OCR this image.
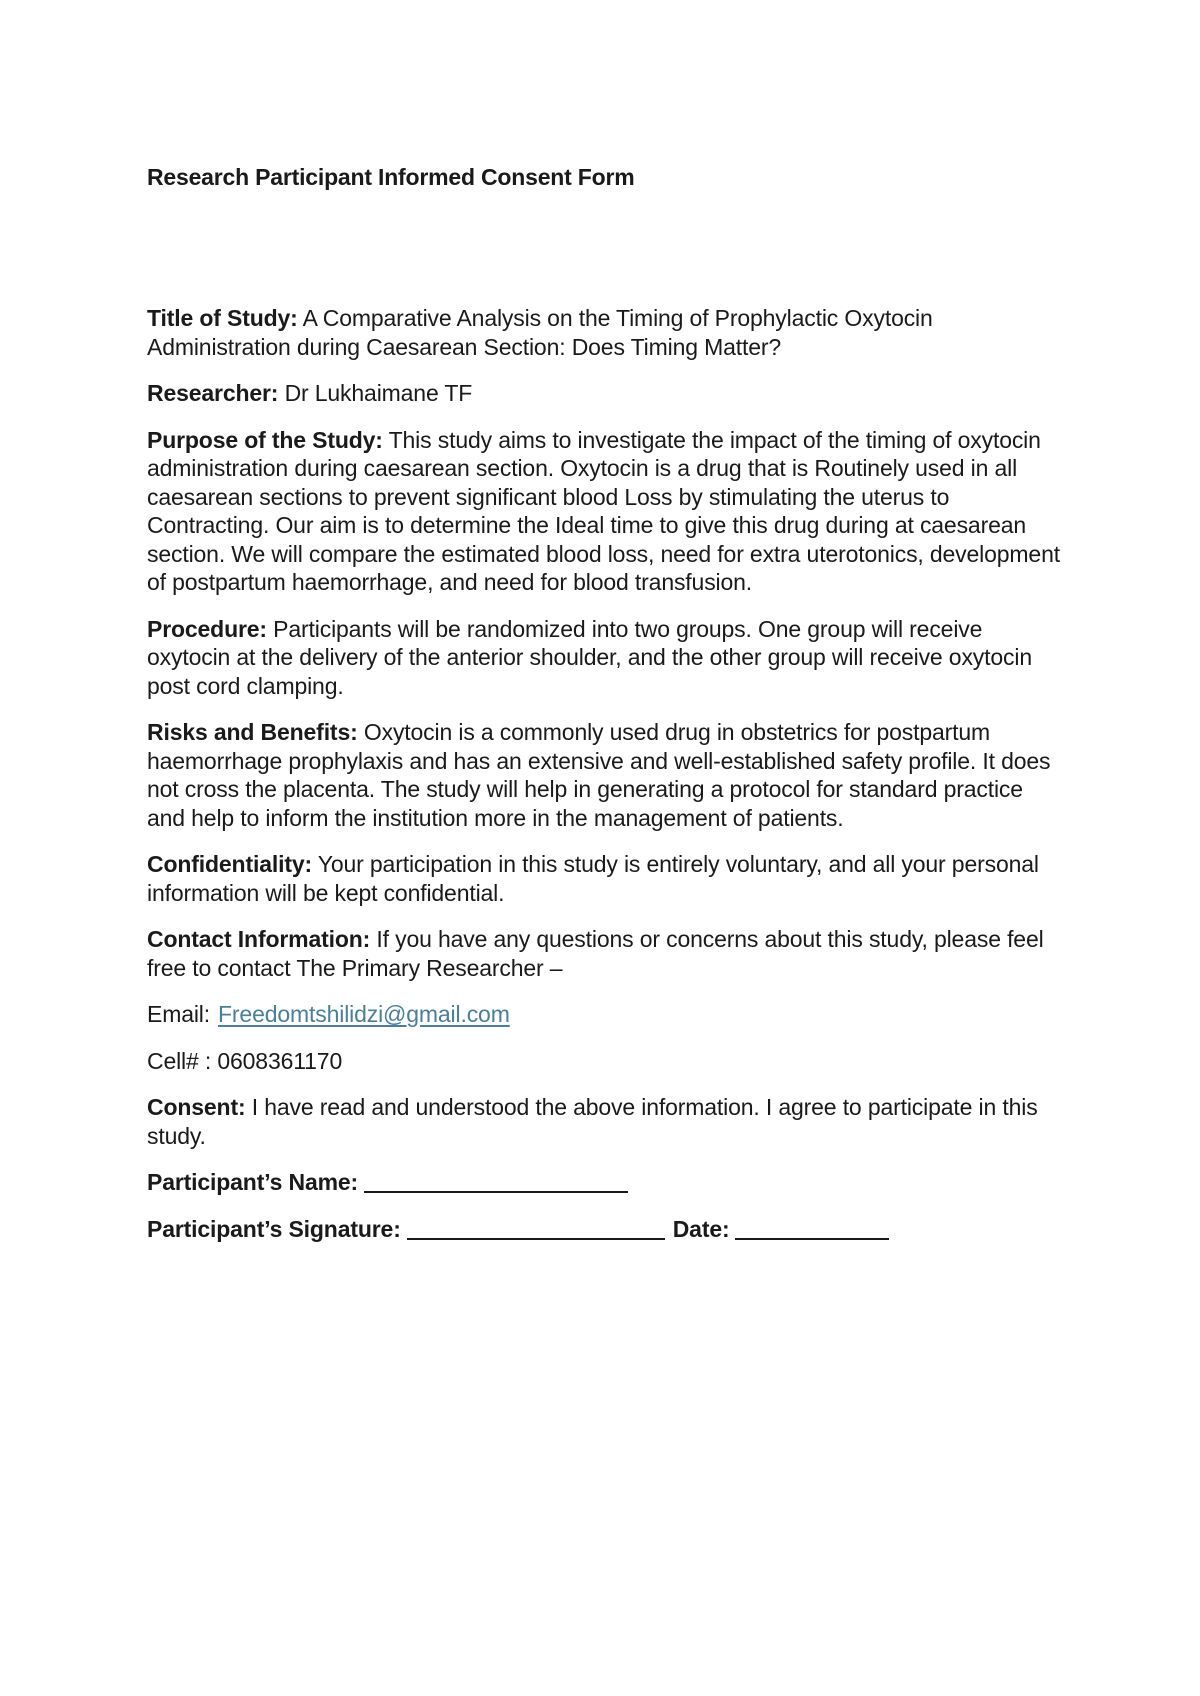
Research Participant Informed Consent Form

Title of Study: A Comparative Analysis on the Timing of Prophylactic Oxytocin Administration during Caesarean Section: Does Timing Matter?

Researcher: Dr Lukhaimane TF

Purpose of the Study: This study aims to investigate the impact of the timing of oxytocin administration during caesarean section. Oxytocin is a drug that is Routinely used in all caesarean sections to prevent significant blood Loss by stimulating the uterus to Contracting. Our aim is to determine the Ideal time to give this drug during at caesarean section. We will compare the estimated blood loss, need for extra uterotonics, development of postpartum haemorrhage, and need for blood transfusion.

Procedure: Participants will be randomized into two groups. One group will receive oxytocin at the delivery of the anterior shoulder, and the other group will receive oxytocin post cord clamping.

Risks and Benefits: Oxytocin is a commonly used drug in obstetrics for postpartum haemorrhage prophylaxis and has an extensive and well-established safety profile. It does not cross the placenta. The study will help in generating a protocol for standard practice and help to inform the institution more in the management of patients.

Confidentiality: Your participation in this study is entirely voluntary, and all your personal information will be kept confidential.

Contact Information: If you have any questions or concerns about this study, please feel free to contact The Primary Researcher –

Email: Freedomtshilidzi@gmail.com

Cell# : 0608361170

Consent: I have read and understood the above information. I agree to participate in this study.

Participant’s Name:

Participant’s Signature:	Date:
